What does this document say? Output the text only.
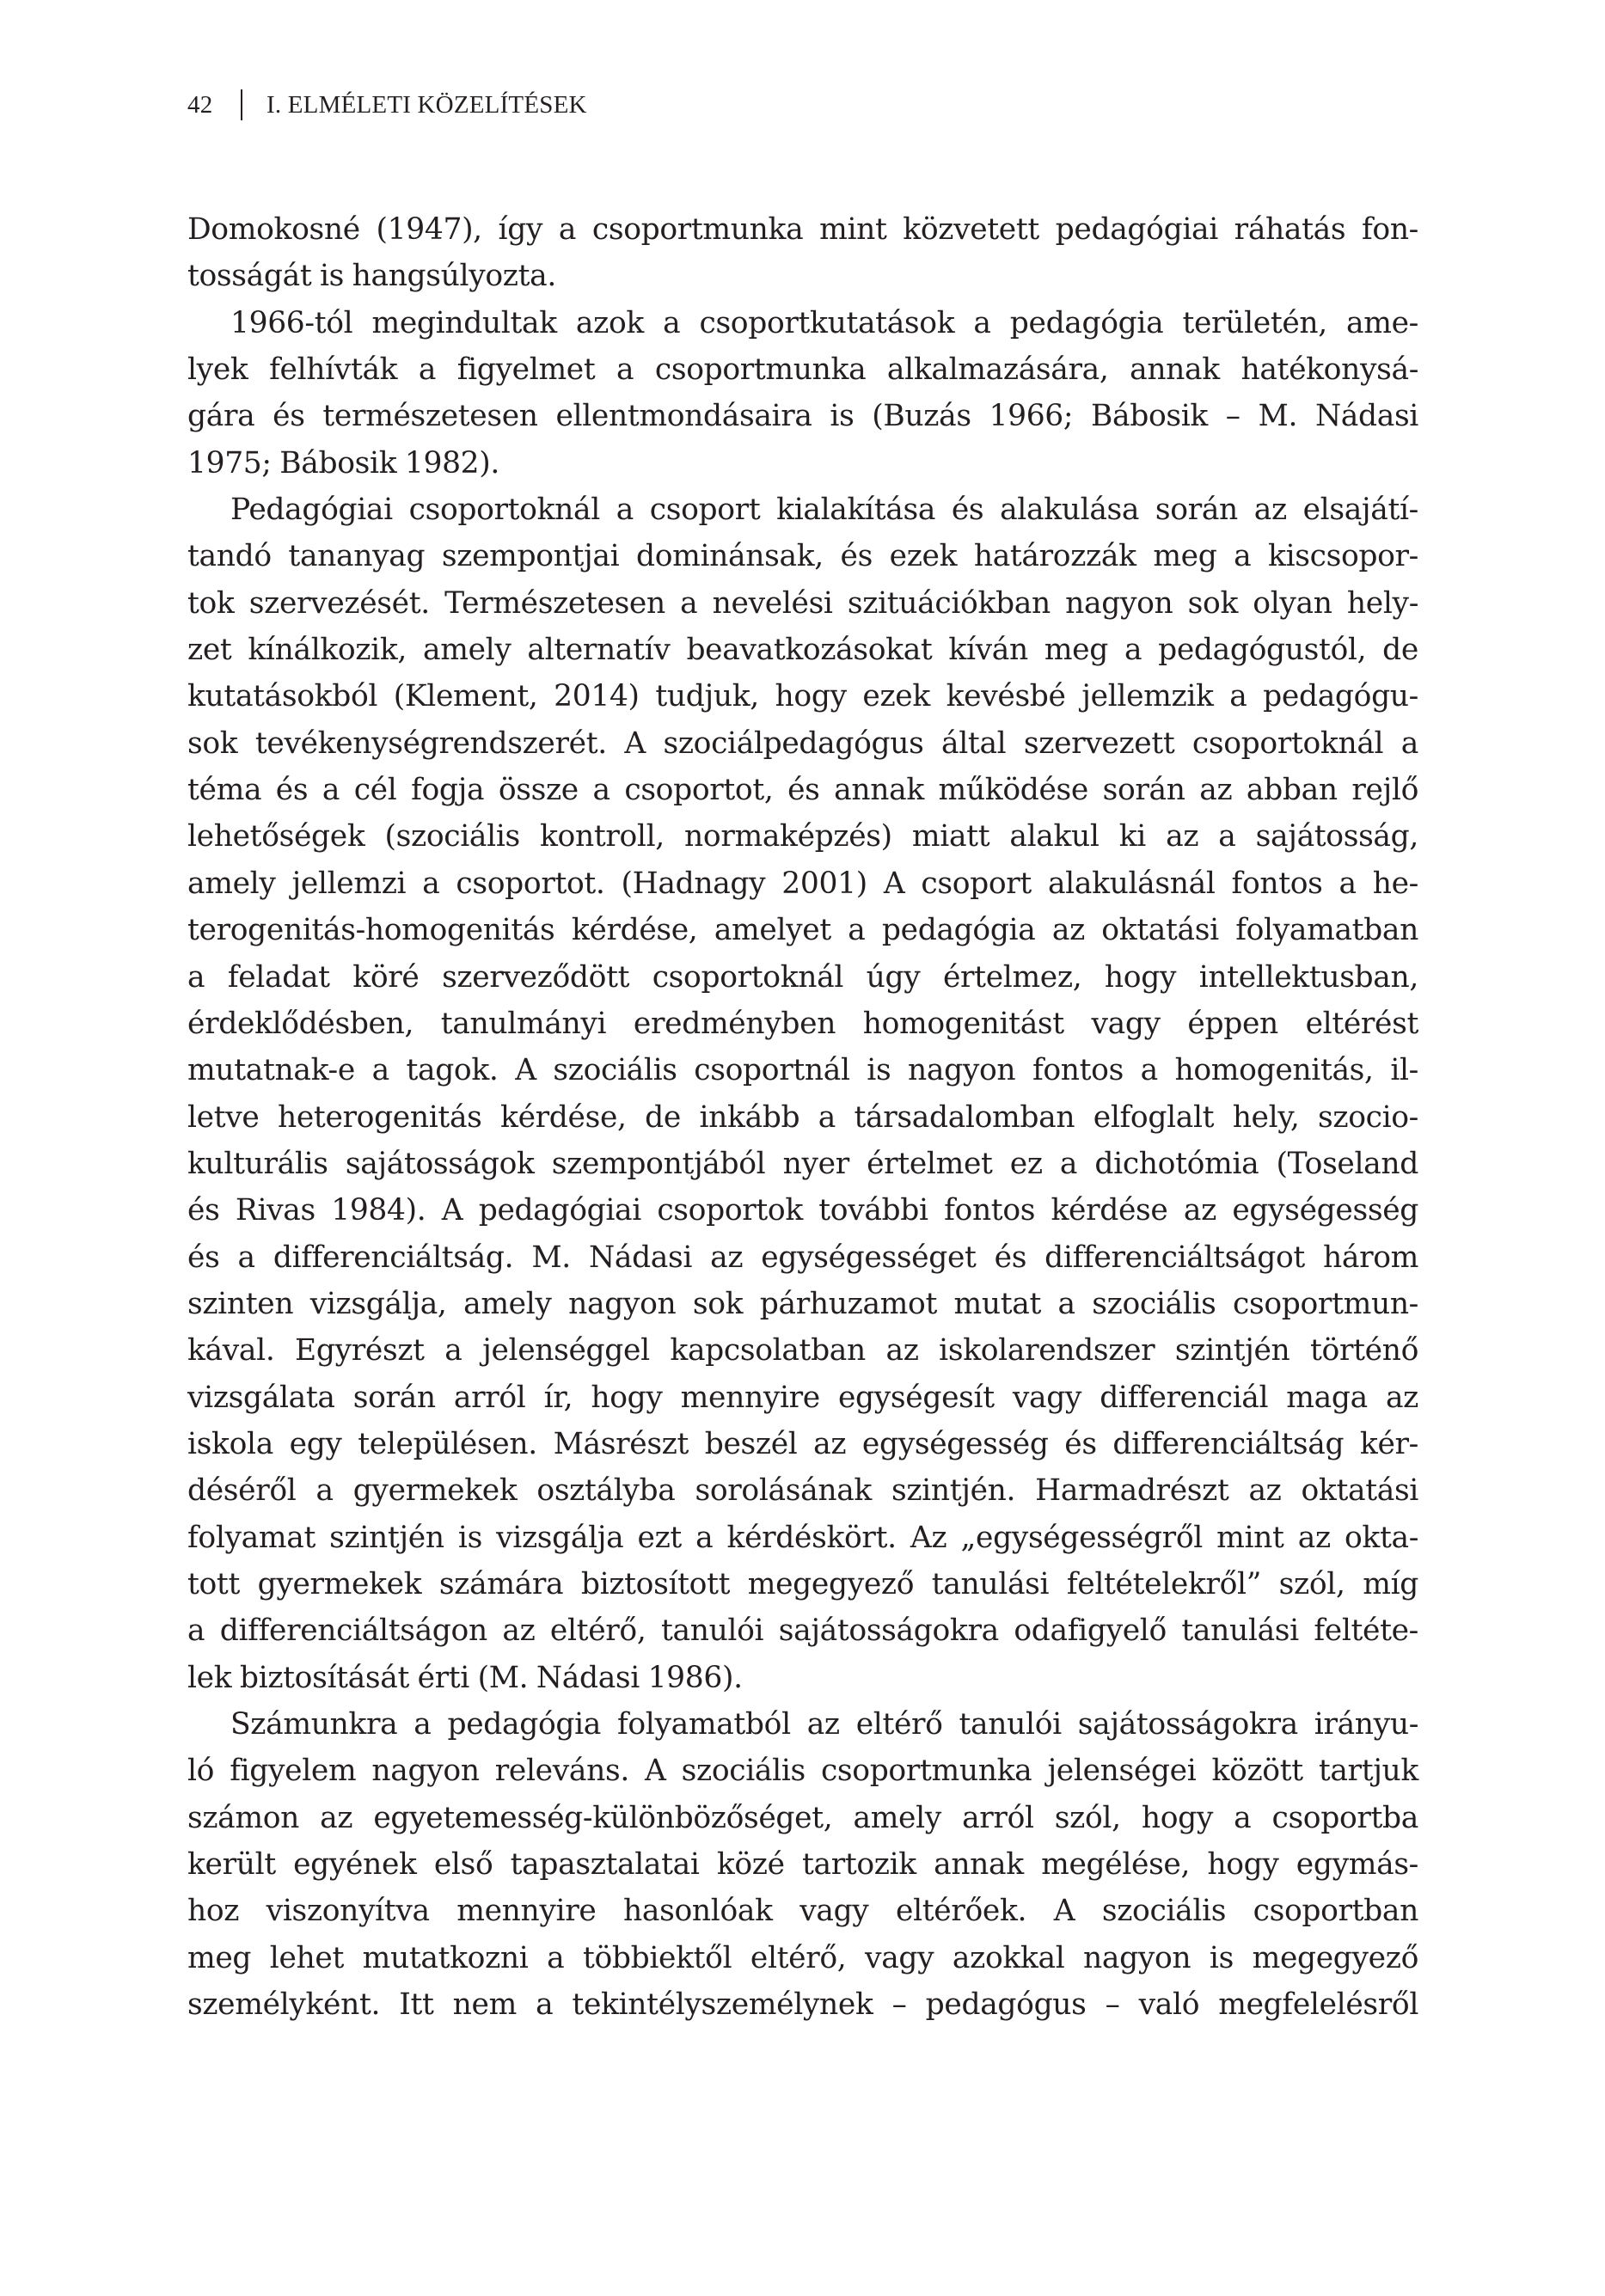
42	I. ELMÉLETI KÖZELÍTÉSEK
Domokosné (1947), így a csoportmunka mint közvetett pedagógiai ráhatás fon-
tosságát is hangsúlyozta.
1966-tól megindultak azok a csoportkutatások a pedagógia területén, ame-
lyek felhívták a figyelmet a csoportmunka alkalmazására, annak hatékonysá-
gára és természetesen ellentmondásaira is (Buzás 1966; Bábosik – M. Nádasi
1975; Bábosik 1982).
Pedagógiai csoportoknál a csoport kialakítása és alakulása során az elsajátí-
tandó tananyag szempontjai dominánsak, és ezek határozzák meg a kiscsopor-
tok szervezését. Természetesen a nevelési szituációkban nagyon sok olyan hely-
zet kínálkozik, amely alternatív beavatkozásokat kíván meg a pedagógustól, de
kutatásokból (Klement, 2014) tudjuk, hogy ezek kevésbé jellemzik a pedagógu-
sok tevékenységrendszerét. A szociálpedagógus által szervezett csoportoknál a
téma és a cél fogja össze a csoportot, és annak működése során az abban rejlő
lehetőségek (szociális kontroll, normaképzés) miatt alakul ki az a sajátosság,
amely jellemzi a csoportot. (Hadnagy 2001) A csoport alakulásnál fontos a he-
terogenitás-homogenitás kérdése, amelyet a pedagógia az oktatási folyamatban
a feladat köré szerveződött csoportoknál úgy értelmez, hogy intellektusban,
érdeklődésben, tanulmányi eredményben homogenitást vagy éppen eltérést
mutatnak-e a tagok. A szociális csoportnál is nagyon fontos a homogenitás, il-
letve heterogenitás kérdése, de inkább a társadalomban elfoglalt hely, szocio-
kulturális sajátosságok szempontjából nyer értelmet ez a dichotómia (Toseland
és Rivas 1984). A pedagógiai csoportok további fontos kérdése az egységesség
és a differenciáltság. M. Nádasi az egységességet és differenciáltságot három
szinten vizsgálja, amely nagyon sok párhuzamot mutat a szociális csoportmun-
kával. Egyrészt a jelenséggel kapcsolatban az iskolarendszer szintjén történő
vizsgálata során arról ír, hogy mennyire egységesít vagy differenciál maga az
iskola egy településen. Másrészt beszél az egységesség és differenciáltság kér-
déséről a gyermekek osztályba sorolásának szintjén. Harmadrészt az oktatási
folyamat szintjén is vizsgálja ezt a kérdéskört. Az „egységességről mint az okta-
tott gyermekek számára biztosított megegyező tanulási feltételekről” szól, míg
a differenciáltságon az eltérő, tanulói sajátosságokra odafigyelő tanulási feltéte-
lek biztosítását érti (M. Nádasi 1986).
Számunkra a pedagógia folyamatból az eltérő tanulói sajátosságokra irányu-
ló figyelem nagyon releváns. A szociális csoportmunka jelenségei között tartjuk
számon az egyetemesség-különbözőséget, amely arról szól, hogy a csoportba
került egyének első tapasztalatai közé tartozik annak megélése, hogy egymás-
hoz viszonyítva mennyire hasonlóak vagy eltérőek. A szociális csoportban
meg lehet mutatkozni a többiektől eltérő, vagy azokkal nagyon is megegyező
személyként. Itt nem a tekintélyszemélynek – pedagógus – való megfelelésről
